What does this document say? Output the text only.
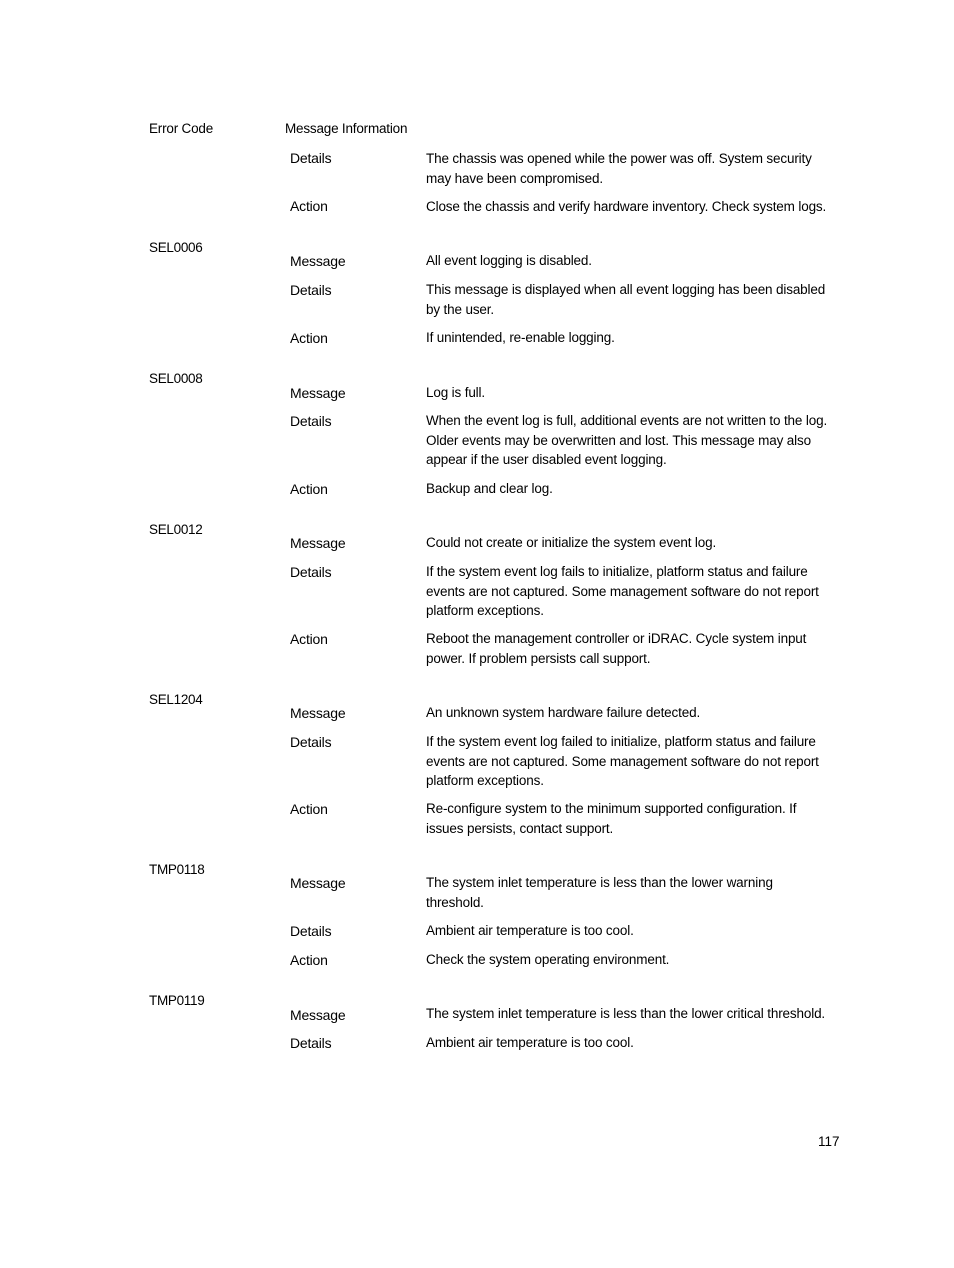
Error Code	Message Information
Details	The chassis was opened while the power was off. System security may have been compromised.
Action	Close the chassis and verify hardware inventory. Check system logs.
SEL0006
Message	All event logging is disabled.
Details	This message is displayed when all event logging has been disabled by the user.
Action	If unintended, re-enable logging.
SEL0008
Message	Log is full.
Details	When the event log is full, additional events are not written to the log. Older events may be overwritten and lost. This message may also appear if the user disabled event logging.
Action	Backup and clear log.
SEL0012
Message	Could not create or initialize the system event log.
Details	If the system event log fails to initialize, platform status and failure events are not captured. Some management software do not report platform exceptions.
Action	Reboot the management controller or iDRAC. Cycle system input power. If problem persists call support.
SEL1204
Message	An unknown system hardware failure detected.
Details	If the system event log failed to initialize, platform status and failure events are not captured. Some management software do not report platform exceptions.
Action	Re-configure system to the minimum supported configuration. If issues persists, contact support.
TMP0118
Message	The system inlet temperature is less than the lower warning threshold.
Details	Ambient air temperature is too cool.
Action	Check the system operating environment.
TMP0119
Message	The system inlet temperature is less than the lower critical threshold.
Details	Ambient air temperature is too cool.
117
